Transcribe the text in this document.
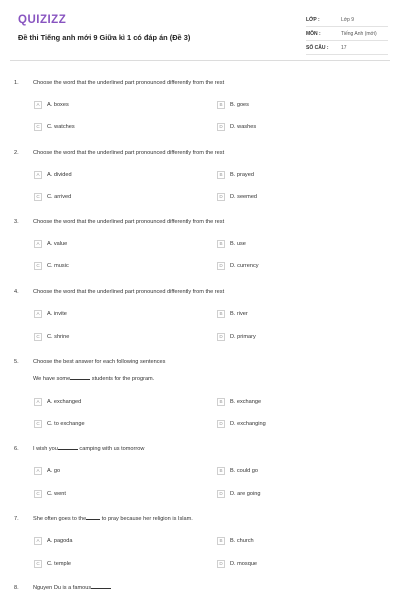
QUIZIZZ
Đề thi Tiếng anh mới 9 Giữa kì 1 có đáp án (Đề 3)
LỚP :	Lớp 9
MÔN :	Tiếng Anh (mới)
SỐ CÂU :	17
1.	Choose the word that the underlined part pronounced differently from the rest
A	A. boxes	B	B. goes
C	C. watches	D	D. washes
2.	Choose the word that the underlined part pronounced differently from the rest
A	A. divided	B	B. prayed
C	C. arrived	D	D. seemed
3.	Choose the word that the underlined part pronounced differently from the rest
A	A. value	B	B. use
C	C. music	D	D. currency
4.	Choose the word that the underlined part pronounced differently from the rest
A	A. invite	B	B. river
C	C. shrine	D	D. primary
5.	Choose the best answer for each following sentences
We have some	students for the program.
A	A. exchanged	B	B. exchange
C	C. to exchange	D	D. exchanging
6.	I wish you	camping with us tomorrow
A	A. go	B	B. could go
C	C. went	D	D. are going
7.	She often goes to the	to pray because her religion is Islam.
A	A. pagoda	B	B. church
C	C. temple	D	D. mosque
8.	Nguyen Du is a famous
